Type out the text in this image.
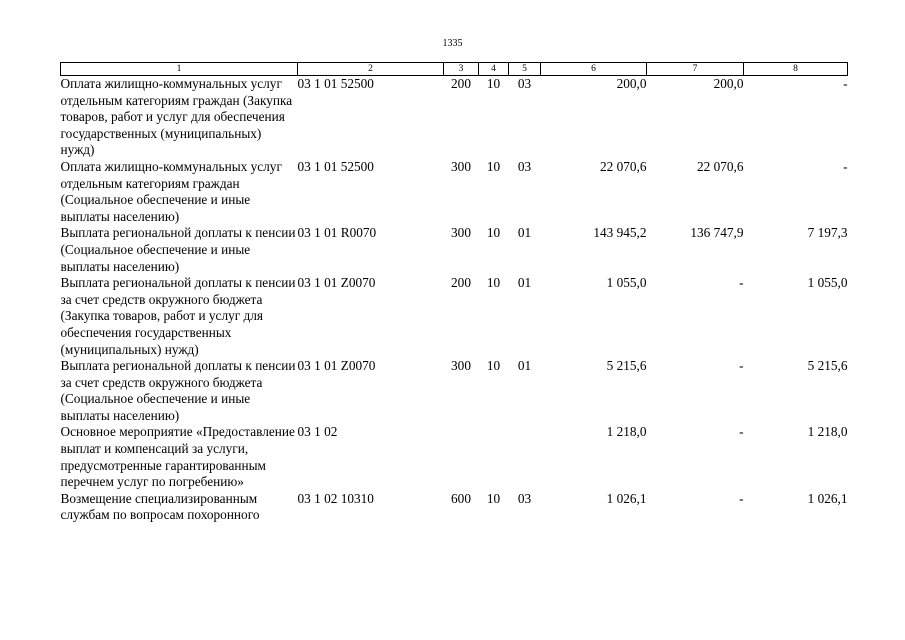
1335
1	2	3	4	5	6	7	8
Оплата жилищно-коммунальных услуг отдельным категориям граждан (Закупка товаров, работ и услуг для обеспечения государственных (муниципальных) нужд)	03 1 01 52500	200	10	03	200,0	200,0	-
Оплата жилищно-коммунальных услуг отдельным категориям граждан (Социальное обеспечение и иные выплаты населению)	03 1 01 52500	300	10	03	22 070,6	22 070,6	-
Выплата региональной доплаты к пенсии (Социальное обеспечение и иные выплаты населению)	03 1 01 R0070	300	10	01	143 945,2	136 747,9	7 197,3
Выплата региональной доплаты к пенсии за счет средств окружного бюджета (Закупка товаров, работ и услуг для обеспечения государственных (муниципальных) нужд)	03 1 01 Z0070	200	10	01	1 055,0	-	1 055,0
Выплата региональной доплаты к пенсии за счет средств окружного бюджета (Социальное обеспечение и иные выплаты населению)	03 1 01 Z0070	300	10	01	5 215,6	-	5 215,6
Основное мероприятие «Предоставление выплат и компенсаций за услуги, предусмотренные гарантированным перечнем услуг по погребению»	03 1 02				1 218,0	-	1 218,0
Возмещение специализированным службам по вопросам похоронного	03 1 02 10310	600	10	03	1 026,1	-	1 026,1
